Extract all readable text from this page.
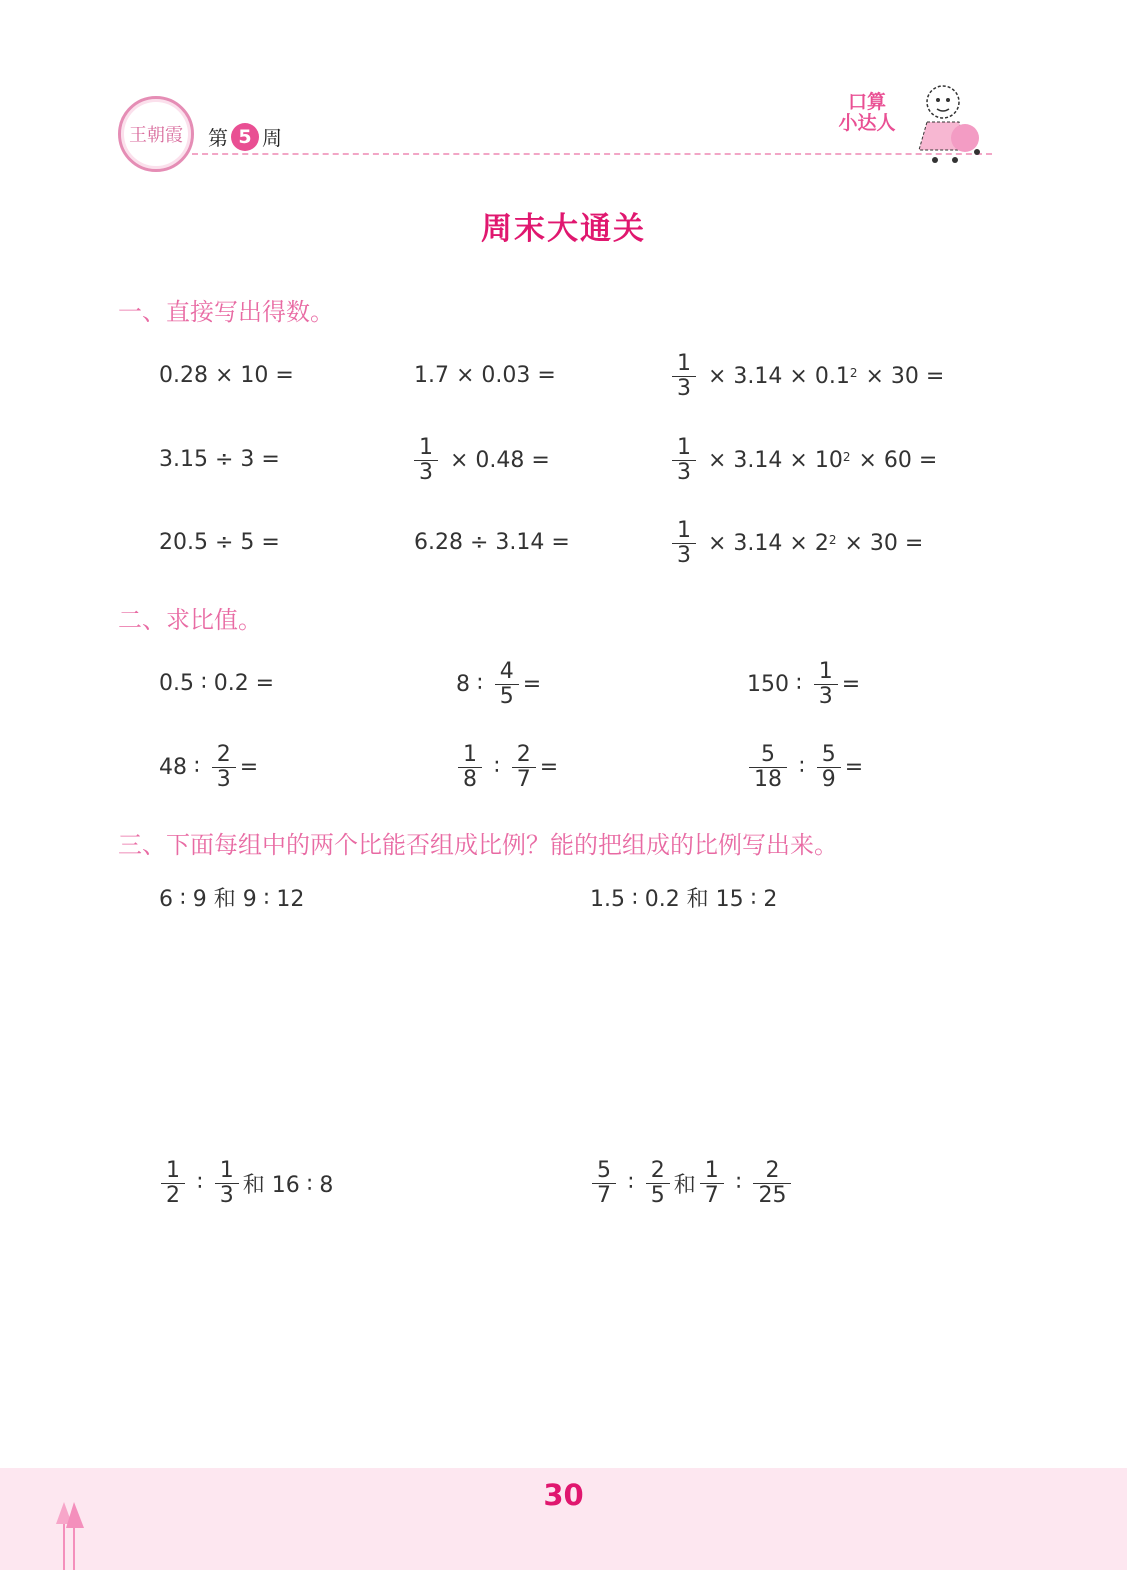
王朝霞	第 5 周
口算
小达人
周末大通关
一、直接写出得数。
0.28 × 10 =	1.7 × 0.03 =	$\frac{1}{3} \times 3.14 \times 0.1^2 \times 30$ =
3.15 ÷ 3 =	$\frac{1}{3} \times 0.48$ =	$\frac{1}{3} \times 3.14 \times 10^2 \times 60$ =
20.5 ÷ 5 =	6.28 ÷ 3.14 =	$\frac{1}{3} \times 3.14 \times 2^2 \times 30$ =
二、求比值。
0.5 ∶ 0.2 =	8 ∶ $\frac{4}{5}$ =	150 ∶ $\frac{1}{3}$ =
48 ∶ $\frac{2}{3}$ =	$\frac{1}{8}$ ∶ $\frac{2}{7}$ =	$\frac{5}{18}$ ∶ $\frac{5}{9}$ =
三、下面每组中的两个比能否组成比例？能的把组成的比例写出来。
6 ∶ 9 和 9 ∶ 12	1.5 ∶ 0.2 和 15 ∶ 2
$\frac{1}{2}$ ∶ $\frac{1}{3}$ 和 16 ∶ 8	$\frac{5}{7}$ ∶ $\frac{2}{5}$ 和 $\frac{1}{7}$ ∶ $\frac{2}{25}$
30
